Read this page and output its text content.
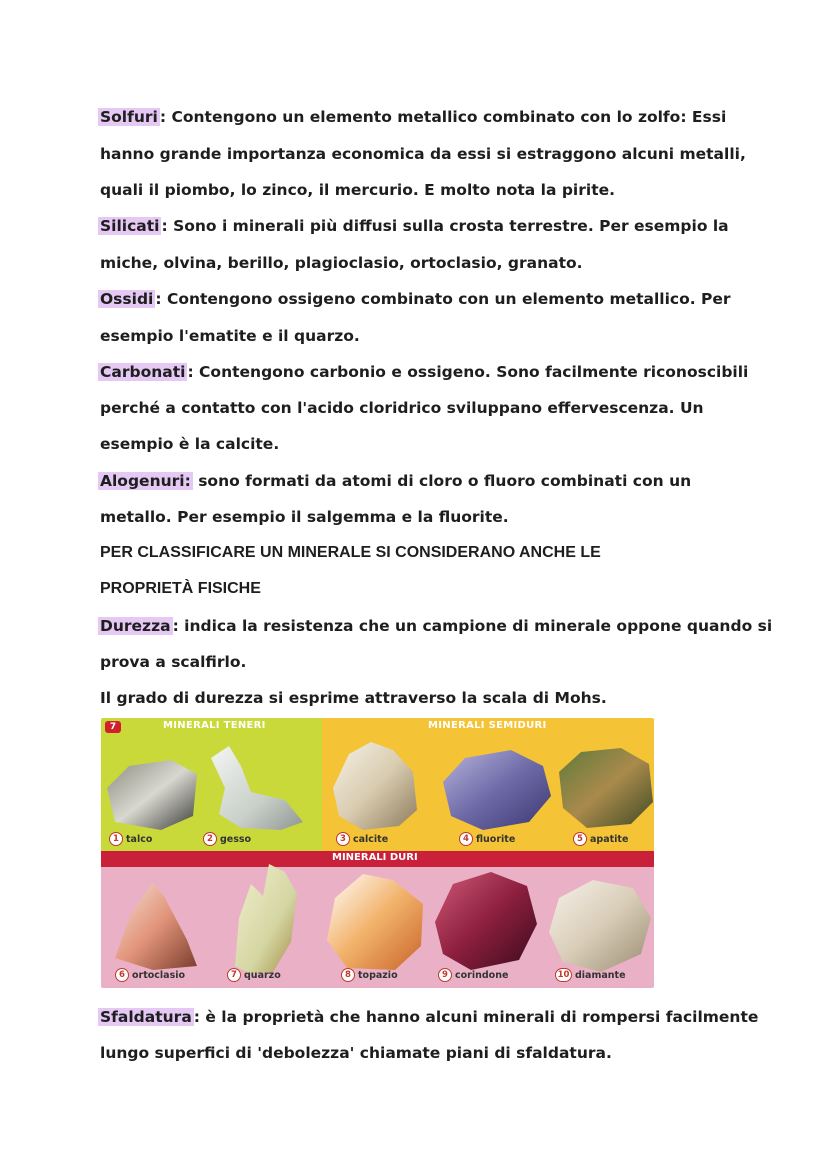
Solfuri : Contengono un elemento metallico combinato con lo zolfo: Essi
hanno grande importanza economica da essi si estraggono alcuni metalli,
quali il piombo, lo zinco, il mercurio. E molto nota la pirite.
Silicati : Sono i minerali più diffusi sulla crosta terrestre. Per esempio la
miche, olvina, berillo, plagioclasio, ortoclasio, granato.
Ossidi : Contengono ossigeno combinato con un elemento metallico. Per
esempio l'ematite e il quarzo.
Carbonati : Contengono carbonio e ossigeno. Sono facilmente riconoscibili
perché a contatto con l'acido cloridrico sviluppano effervescenza. Un
esempio è la calcite.
Alogenuri: sono formati da atomi di cloro o fluoro combinati con un
metallo. Per esempio il salgemma e la fluorite.
PER CLASSIFICARE UN MINERALE SI CONSIDERANO ANCHE LE
PROPRIETÀ FISICHE
Durezza : indica la resistenza che un campione di minerale oppone quando si
prova a scalfirlo.
Il grado di durezza si esprime attraverso la scala di Mohs.
7	MINERALI TENERI	MINERALI SEMIDURI
MINERALI DURI
1 talco	2 gesso	3 calcite	4 fluorite	5 apatite
6 ortoclasio	7 quarzo	8 topazio	9 corindone	10 diamante
Sfaldatura : è la proprietà che hanno alcuni minerali di rompersi facilmente
lungo superfici di 'debolezza' chiamate piani di sfaldatura.
